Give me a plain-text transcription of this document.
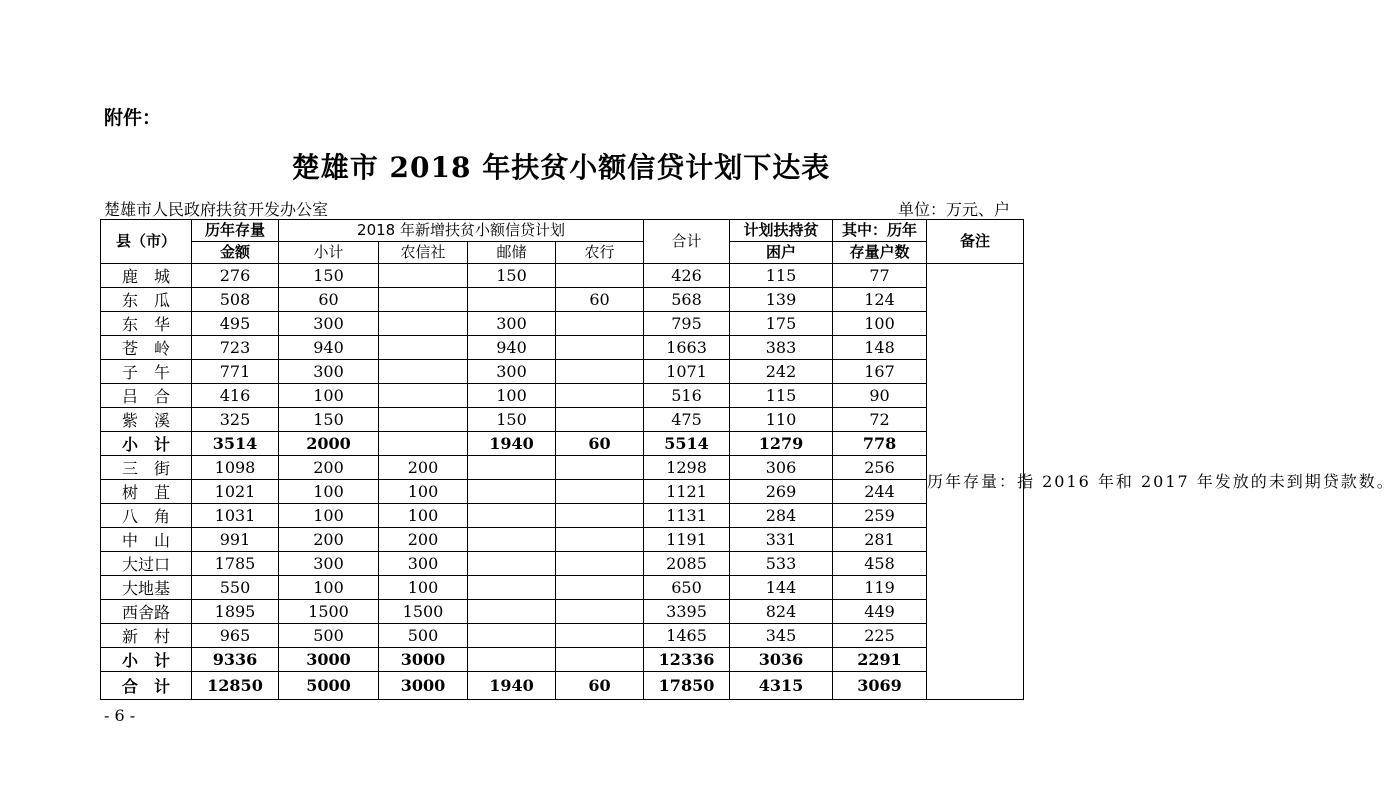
附件：
楚雄市 2018 年扶贫小额信贷计划下达表
楚雄市人民政府扶贫开发办公室	单位：万元、户
县（市）	历年存量	2018 年新增扶贫小额信贷计划				合计	计划扶持贫	其中：历年	备注
	金额	小计	农信社	邮储	农行		困户	存量户数	
鹿　城	276	150		150		426	115	77	历年存量：指 2016 年和 2017 年发放的未到期贷款数。
东　瓜	508	60			60	568	139	124	
东　华	495	300		300		795	175	100	
苍　岭	723	940		940		1663	383	148	
子　午	771	300		300		1071	242	167	
吕　合	416	100		100		516	115	90	
紫　溪	325	150		150		475	110	72	
小　计	3514	2000		1940	60	5514	1279	778	
三　街	1098	200	200			1298	306	256	
树　苴	1021	100	100			1121	269	244	
八　角	1031	100	100			1131	284	259	
中　山	991	200	200			1191	331	281	
大过口	1785	300	300			2085	533	458	
大地基	550	100	100			650	144	119	
西舍路	1895	1500	1500			3395	824	449	
新　村	965	500	500			1465	345	225	
小　计	9336	3000	3000			12336	3036	2291	
合　计	12850	5000	3000	1940	60	17850	4315	3069	
- 6 -
